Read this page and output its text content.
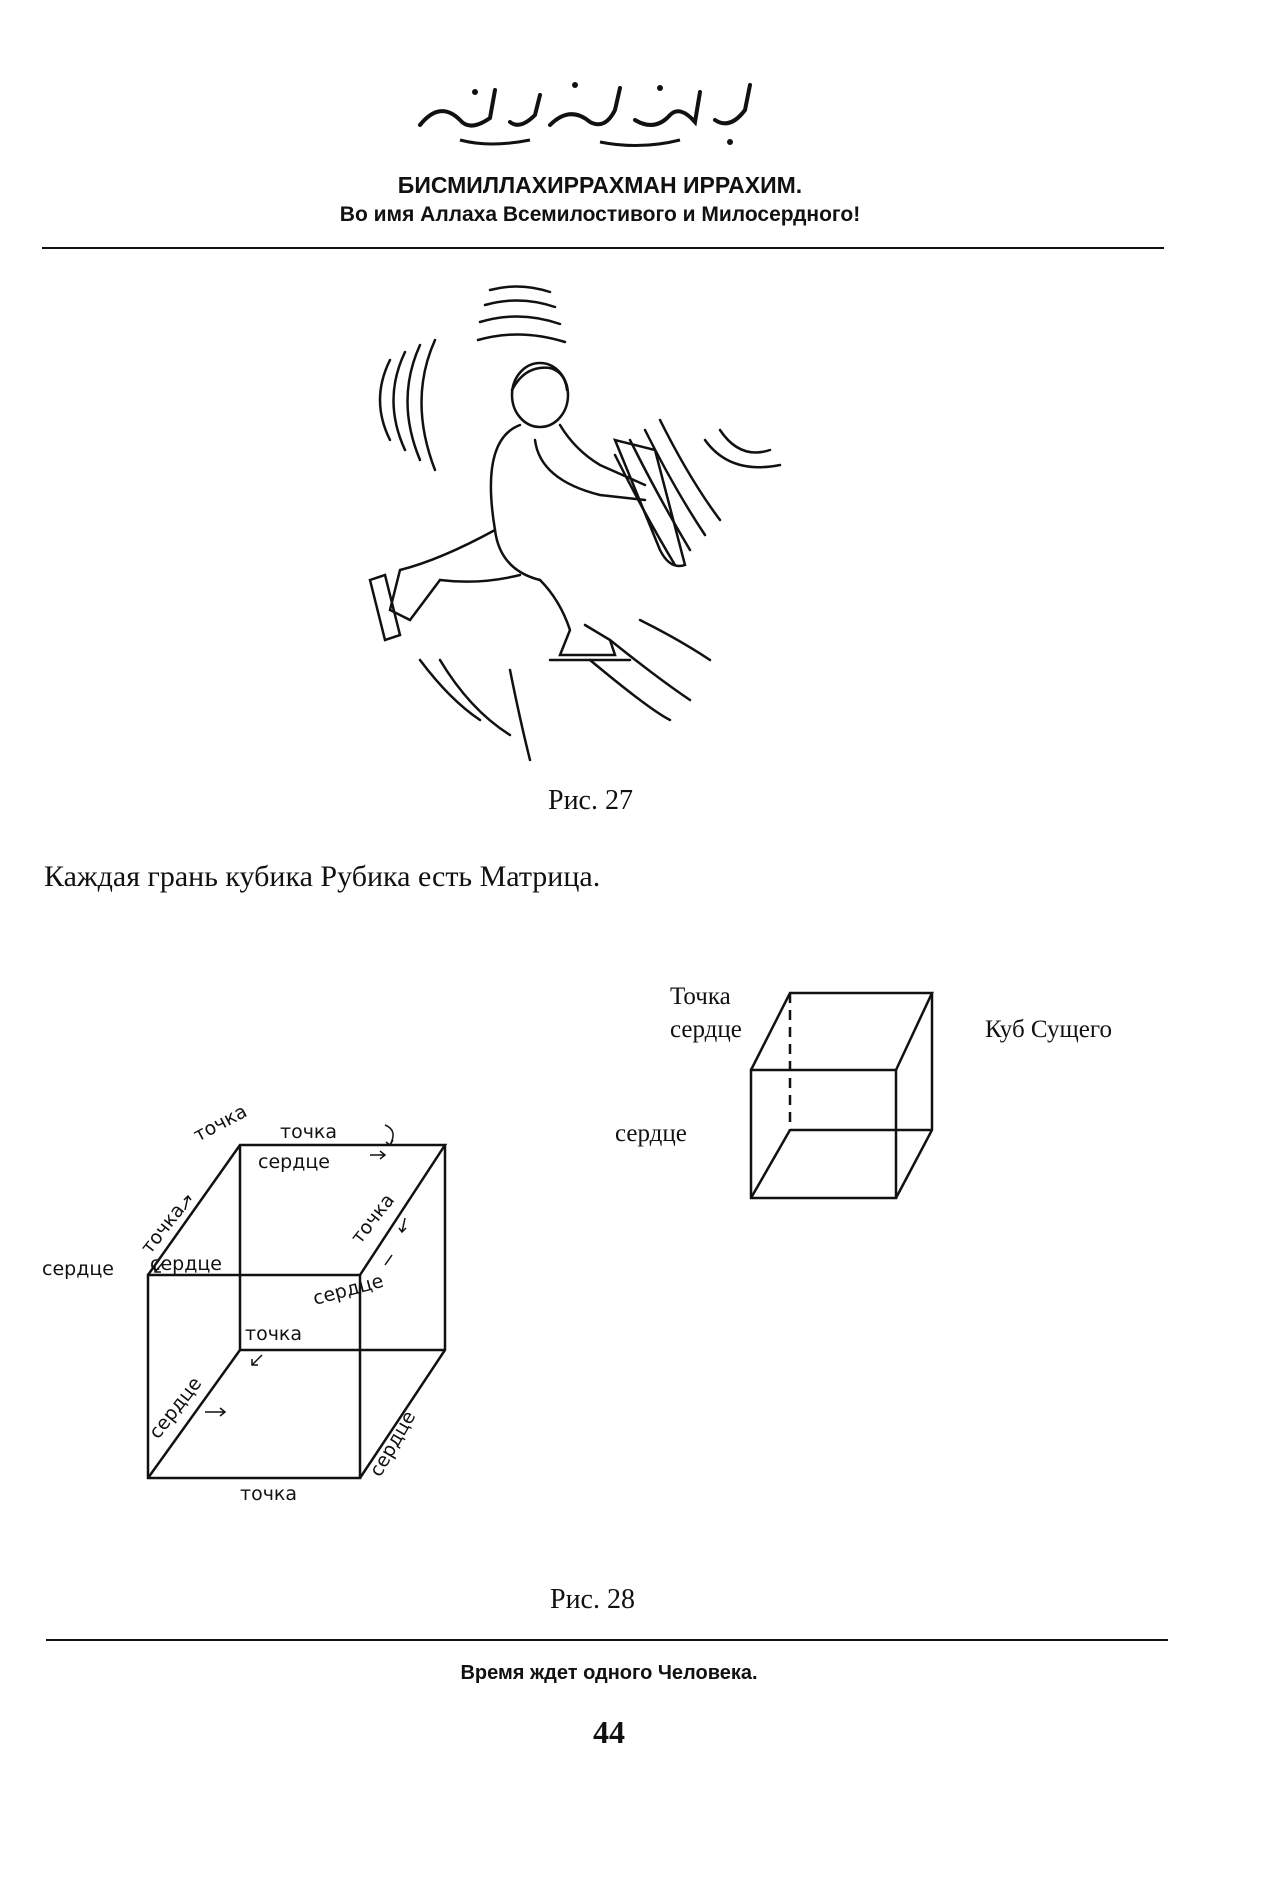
БИСМИЛЛАХИРРАХМАН ИРРАХИМ.
Во имя Аллаха Всемилостивого и Милосердного!
Рис. 27
Каждая грань кубика Рубика есть Матрица.
Точка
сердце
сердце
Куб Сущего
точка
точка
сердце
точка
сердце сердце
точка
сердце
точка
сердце	сердце
точка
Рис. 28
Время ждет одного Человека.
44
